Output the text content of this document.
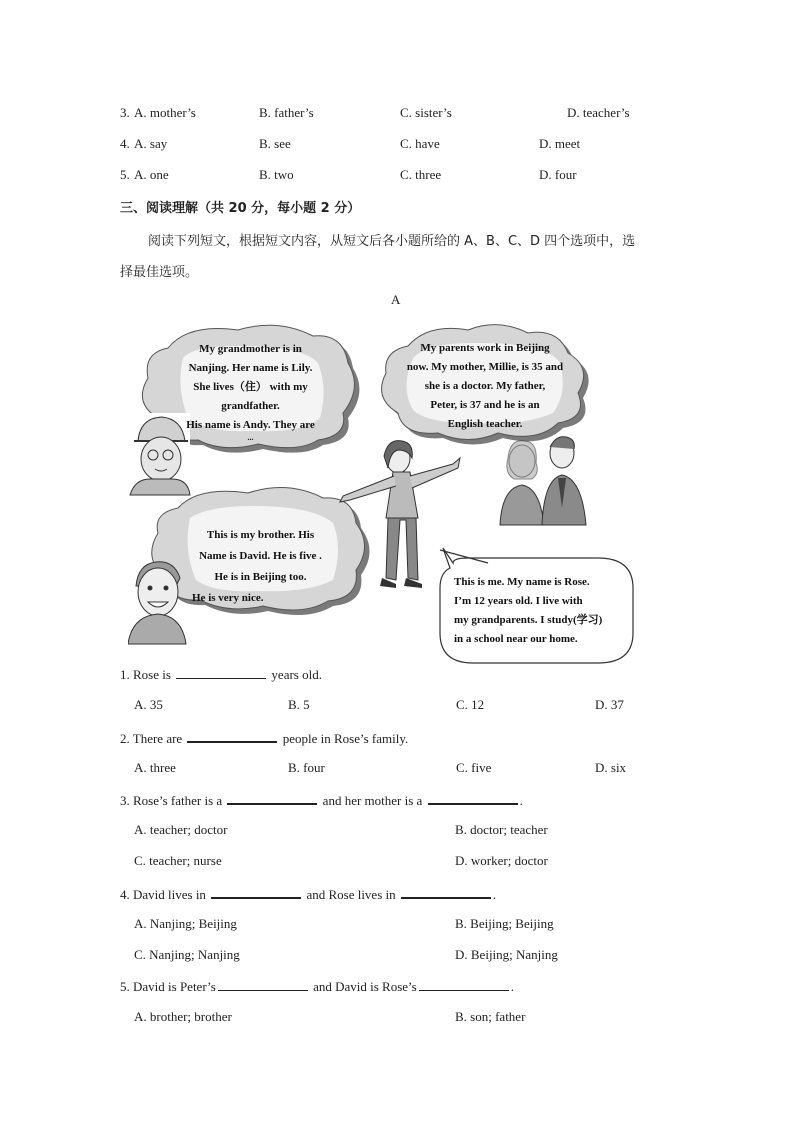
3. A. mother’s	B. father’s	C. sister’s	D. teacher’s
4. A. say	B. see	C. have	D. meet
5. A. one	B. two	C. three	D. four
三、阅读理解（共 20 分，每小题 2 分）
阅读下列短文，根据短文内容，从短文后各小题所给的 A、B、C、D 四个选项中，选
择最佳选项。
A
My grandmother is in
Nanjing. Her name is Lily.
She lives（住） with my
grandfather.
His name is Andy. They are
...
My parents work in Beijing
now. My mother, Millie, is 35 and
she is a doctor. My father,
Peter, is 37 and he is an
English teacher.
This is my brother. His
Name is David. He is five .
He is in Beijing too.
He is very nice.
This is me. My name is Rose.
I’m 12 years old. I live with
my grandparents. I study(学习)
in a school near our home.
1. Rose is	years old.
A. 35	B. 5	C. 12	D. 37
2. There are	people in Rose’s family.
A. three	B. four	C. five	D. six
3. Rose’s father is a	and her mother is a	.
A. teacher; doctor	B. doctor; teacher
C. teacher; nurse	D. worker; doctor
4. David lives in	and Rose lives in	.
A. Nanjing; Beijing	B. Beijing; Beijing
C. Nanjing; Nanjing	D. Beijing; Nanjing
5. David is Peter’s	and David is Rose’s	.
A. brother; brother	B. son; father
